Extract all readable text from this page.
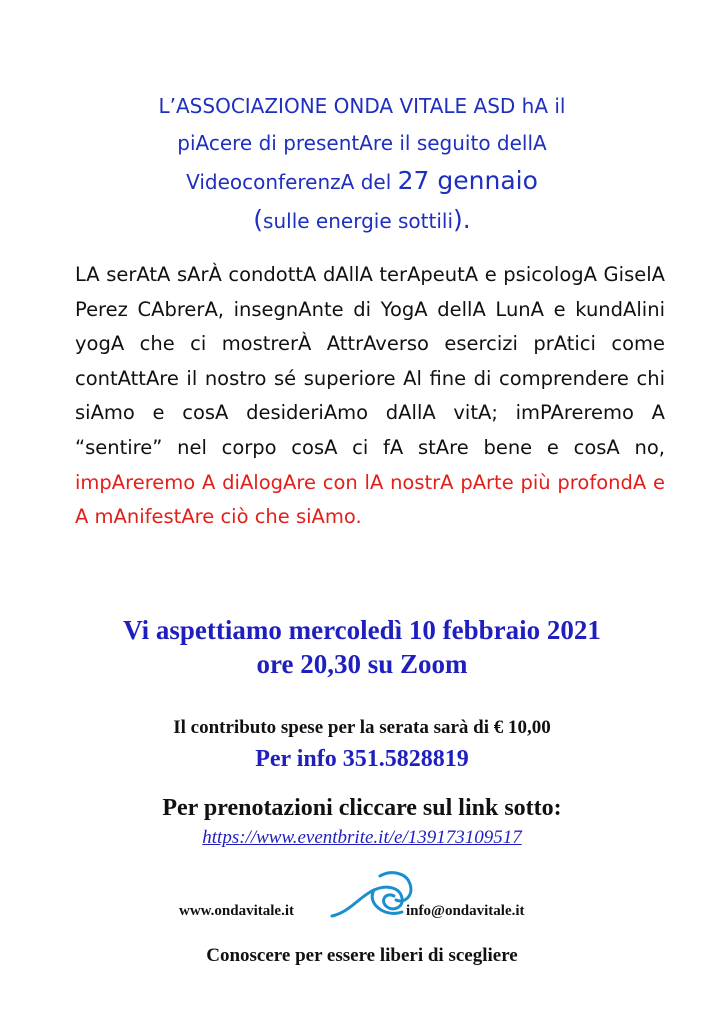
L’ASSOCIAZIONE ONDA VITALE ASD hA il
piAcere di presentAre il seguito dellA
VideoconferenzA del 27 gennaio
(sulle energie sottili).
LA serAtA sArÀ condottA dAllA terApeutA e psicologA GiselA Perez CAbrerA, insegnAnte di YogA dellA LunA e kundAlini yogA che ci mostrerÀ AttrAverso esercizi prAtici come contAttAre il nostro sé superiore Al fine di comprendere chi siAmo e cosA desideriAmo dAllA vitA; imPAreremo A “sentire” nel corpo cosA ci fA stAre bene e cosA no, impAreremo A diAlogAre con lA nostrA pArte più profondA e A mAnifestAre ciò che siAmo.
Vi aspettiamo mercoledì 10 febbraio 2021
ore 20,30 su Zoom
Il contributo spese per la serata sarà di € 10,00
Per info 351.5828819
Per prenotazioni cliccare sul link sotto:
https://www.eventbrite.it/e/139173109517
www.ondavitale.it	info@ondavitale.it
Conoscere per essere liberi di scegliere
